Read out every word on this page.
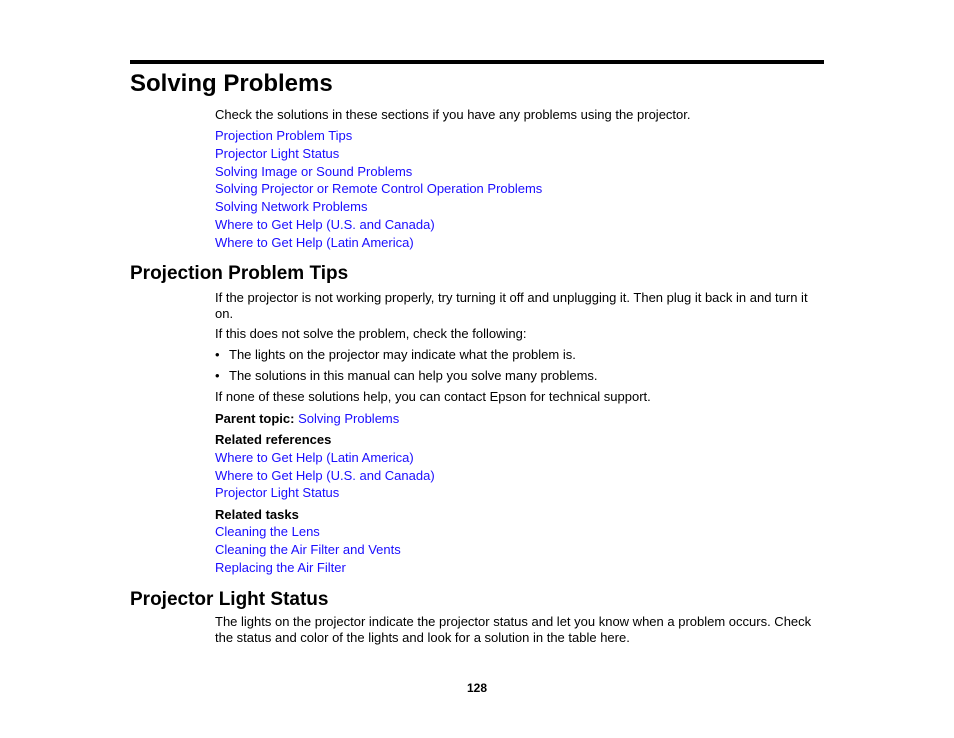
Solving Problems

Check the solutions in these sections if you have any problems using the projector.

Projection Problem Tips
Projector Light Status
Solving Image or Sound Problems
Solving Projector or Remote Control Operation Problems
Solving Network Problems
Where to Get Help (U.S. and Canada)
Where to Get Help (Latin America)
Projection Problem Tips

If the projector is not working properly, try turning it off and unplugging it. Then plug it back in and turn it on.

If this does not solve the problem, check the following:

• The lights on the projector may indicate what the problem is.
• The solutions in this manual can help you solve many problems.

If none of these solutions help, you can contact Epson for technical support.

Parent topic: Solving Problems

Related references

Where to Get Help (Latin America)
Where to Get Help (U.S. and Canada)
Projector Light Status

Related tasks

Cleaning the Lens
Cleaning the Air Filter and Vents
Replacing the Air Filter
Projector Light Status

The lights on the projector indicate the projector status and let you know when a problem occurs. Check the status and color of the lights and look for a solution in the table here.

128
